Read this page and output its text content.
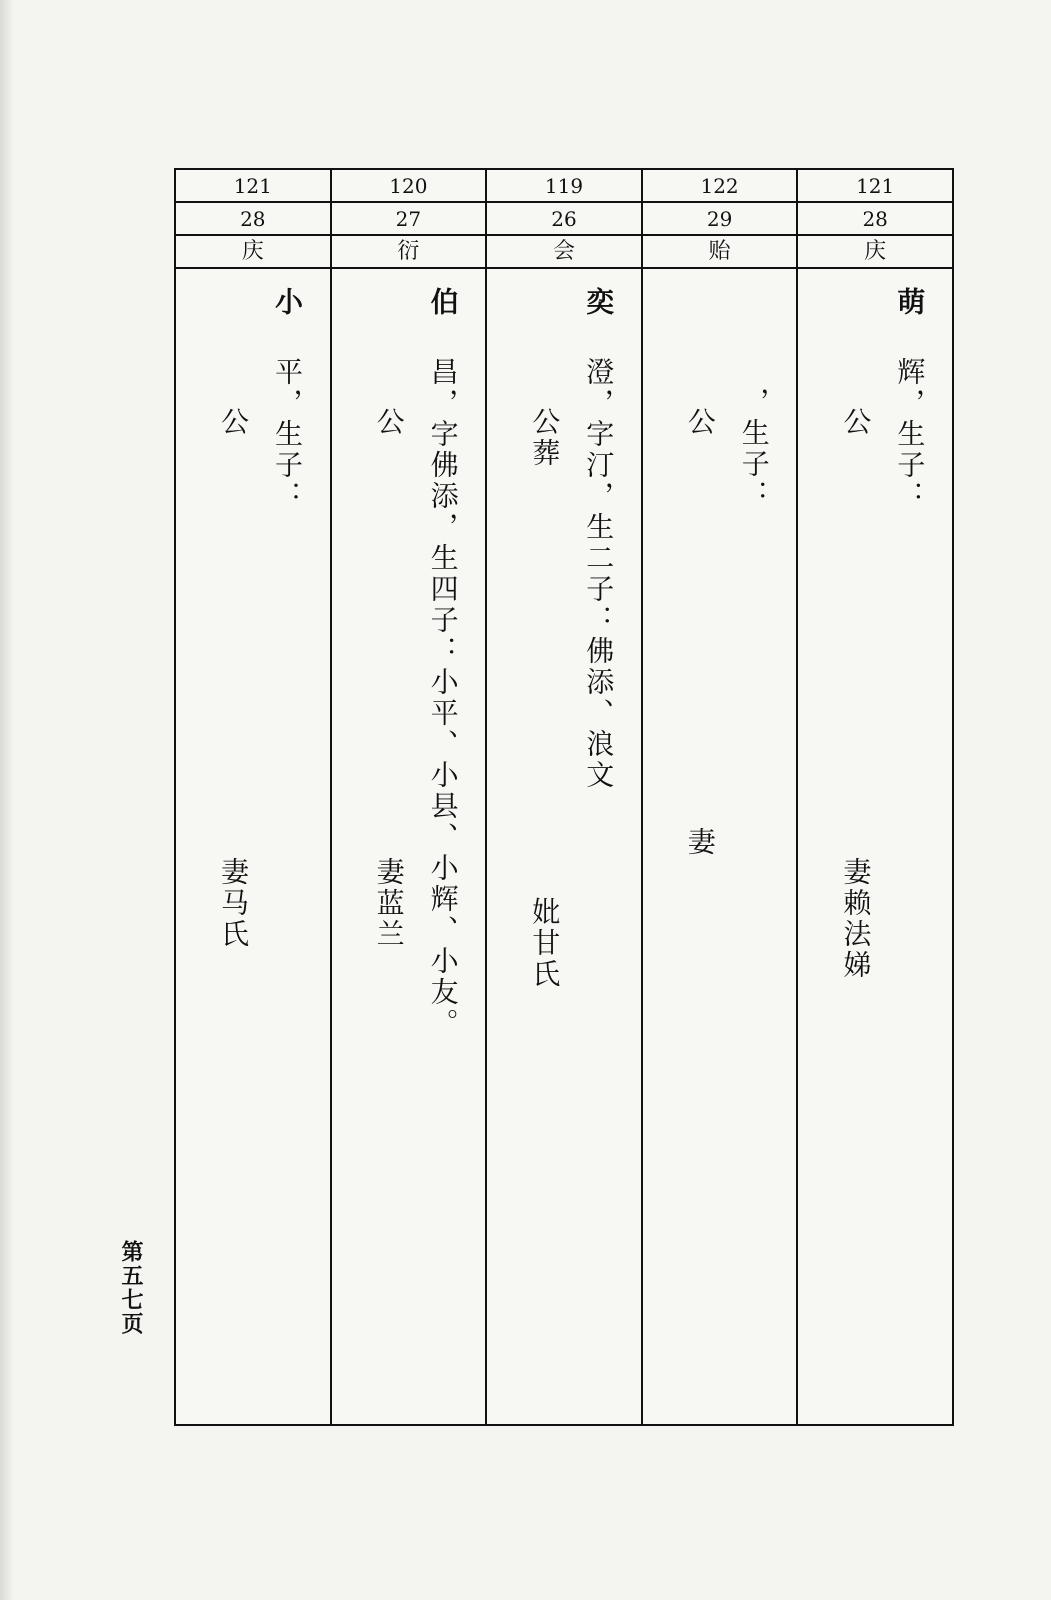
121
28
庆
小
平，生子：
公
妻马氏
120
27
衍
伯
昌，字佛添，生四子：小平、小县、小辉、小友。
公
妻蓝兰
119
26
会
奕
澄，字汀，生二子：佛添、浪文
公葬
妣甘氏
122
29
贻
，生子：
公
妻
121
28
庆
萌
辉，生子：
公
妻赖法娣
第五七页
